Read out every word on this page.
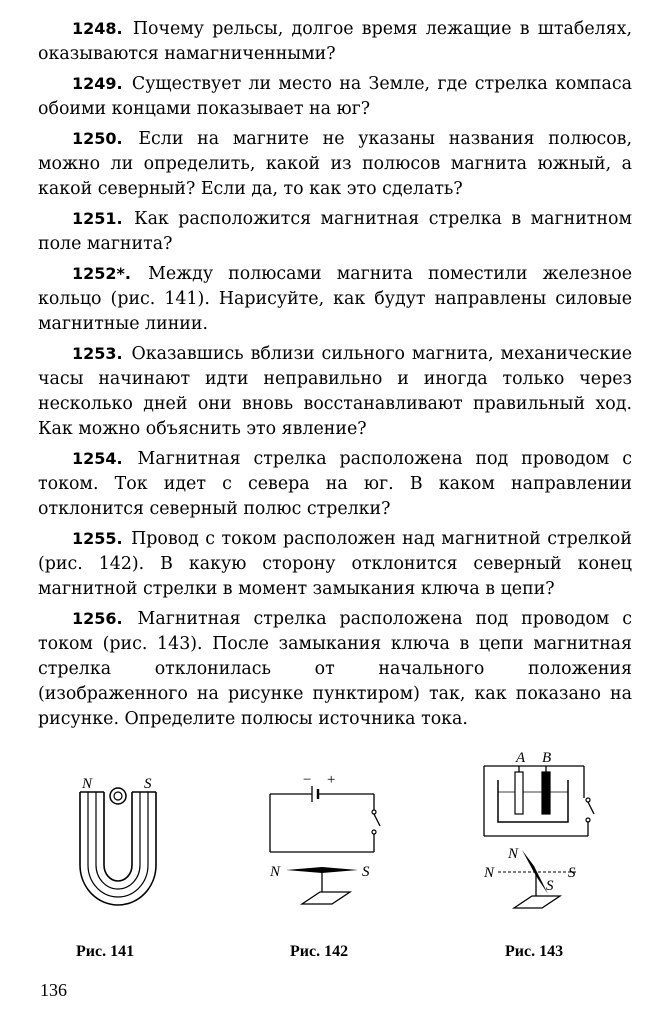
1248. Почему рельсы, долгое время лежащие в штабелях, оказываются намагниченными?

1249. Существует ли место на Земле, где стрелка компаса обоими концами показывает на юг?

1250. Если на магните не указаны названия полюсов, можно ли определить, какой из полюсов магнита южный, а какой северный? Если да, то как это сделать?

1251. Как расположится магнитная стрелка в магнитном поле магнита?

1252*. Между полюсами магнита поместили железное кольцо (рис. 141). Нарисуйте, как будут направлены силовые магнитные линии.

1253. Оказавшись вблизи сильного магнита, механические часы начинают идти неправильно и иногда только через несколько дней они вновь восстанавливают правильный ход. Как можно объяснить это явление?

1254. Магнитная стрелка расположена под проводом с током. Ток идет с севера на юг. В каком направлении отклонится северный полюс стрелки?

1255. Провод с током расположен над магнитной стрелкой (рис. 142). В какую сторону отклонится северный конец магнитной стрелки в момент замыкания ключа в цепи?

1256. Магнитная стрелка расположена под проводом с током (рис. 143). После замыкания ключа в цепи магнитная стрелка отклонилась от начального положения (изображенного на рисунке пунктиром) так, как показано на рисунке. Определите полюсы источника тока.

N	S
Рис. 141
− +
N	S
Рис. 142
A B
N
N	S
S
Рис. 143
136
